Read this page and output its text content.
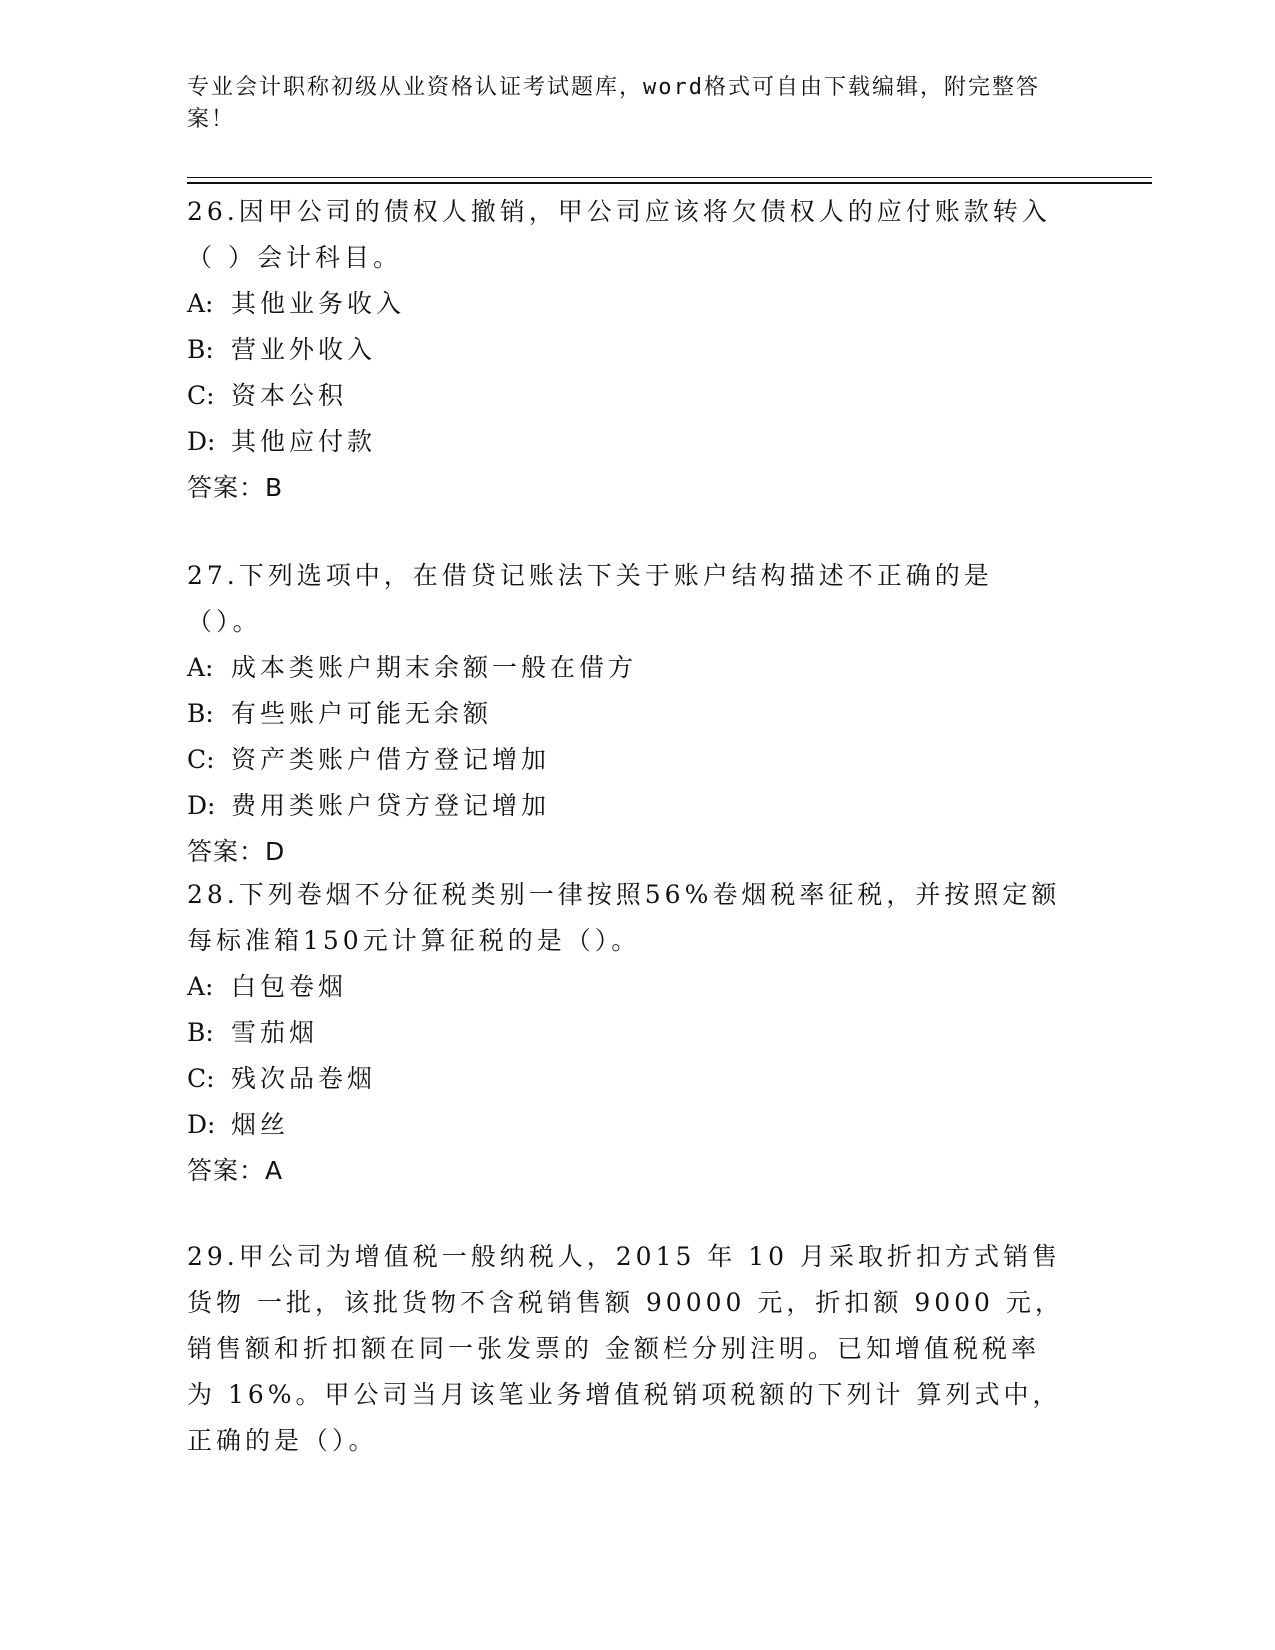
专业会计职称初级从业资格认证考试题库，word格式可自由下载编辑，附完整答案！

26.因甲公司的债权人撤销，甲公司应该将欠债权人的应付账款转入（ ）会计科目。

A: 其他业务收入

B: 营业外收入

C: 资本公积

D: 其他应付款

答案：B

27.下列选项中，在借贷记账法下关于账户结构描述不正确的是（）。

A: 成本类账户期末余额一般在借方

B: 有些账户可能无余额

C: 资产类账户借方登记增加

D: 费用类账户贷方登记增加

答案：D

28.下列卷烟不分征税类别一律按照56%卷烟税率征税，并按照定额每标准箱150元计算征税的是（）。

A: 白包卷烟

B: 雪茄烟

C: 残次品卷烟

D: 烟丝

答案：A

29.甲公司为增值税一般纳税人，2015 年 10 月采取折扣方式销售货物 一批，该批货物不含税销售额 90000 元，折扣额 9000 元，销售额和折扣额在同一张发票的 金额栏分别注明。已知增值税税率为 16%。甲公司当月该笔业务增值税销项税额的下列计 算列式中，正确的是（）。
